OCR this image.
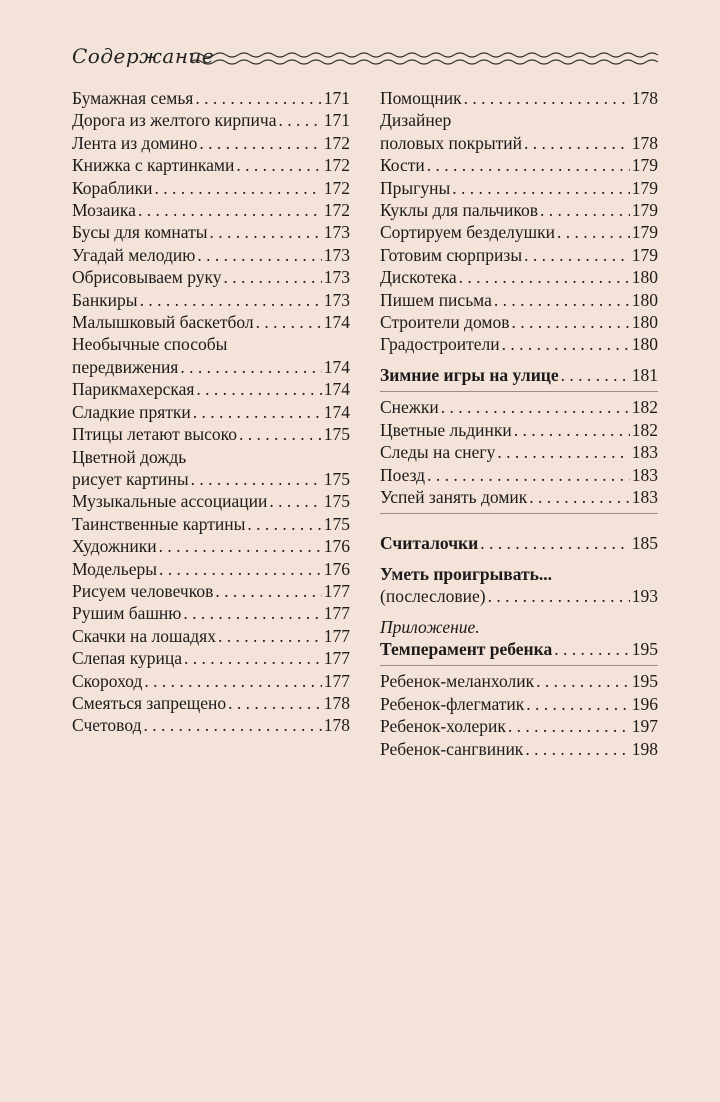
Содержание
Бумажная семья . . .	171
Дорога из желтого кирпича . . .	171
Лента из домино . . .	172
Книжка с картинками . . .	172
Кораблики . . .	172
Мозаика . . .	172
Бусы для комнаты . . .	173
Угадай мелодию . . .	173
Обрисовываем руку . . .	173
Банкиры . . .	173
Малышковый баскетбол . . .	174
Необычные способы
передвижения . . .	174
Парикмахерская . . .	174
Сладкие прятки . . .	174
Птицы летают высоко . . .	175
Цветной дождь
рисует картины . . .	175
Музыкальные ассоциации . . .	175
Таинственные картины . . .	175
Художники . . .	176
Модельеры . . .	176
Рисуем человечков . . .	177
Рушим башню . . .	177
Скачки на лошадях . . .	177
Слепая курица . . .	177
Скороход . . .	177
Смеяться запрещено . . .	178
Счетовод . . .	178
Помощник . . .	178
Дизайнер
половых покрытий . . .	178
Кости . . .	179
Прыгуны . . .	179
Куклы для пальчиков . . .	179
Сортируем безделушки . . .	179
Готовим сюрпризы . . .	179
Дискотека . . .	180
Пишем письма . . .	180
Строители домов . . .	180
Градостроители . . .	180
Зимние игры на улице . . .	181
Снежки . . .	182
Цветные льдинки . . .	182
Следы на снегу . . .	183
Поезд . . .	183
Успей занять домик . . .	183
Считалочки . . .	185
Уметь проигрывать...
(послесловие) . . .	193
Приложение.
Темперамент ребенка . . .	195
Ребенок-меланхолик . . .	195
Ребенок-флегматик . . .	196
Ребенок-холерик . . .	197
Ребенок-сангвиник . . .	198
